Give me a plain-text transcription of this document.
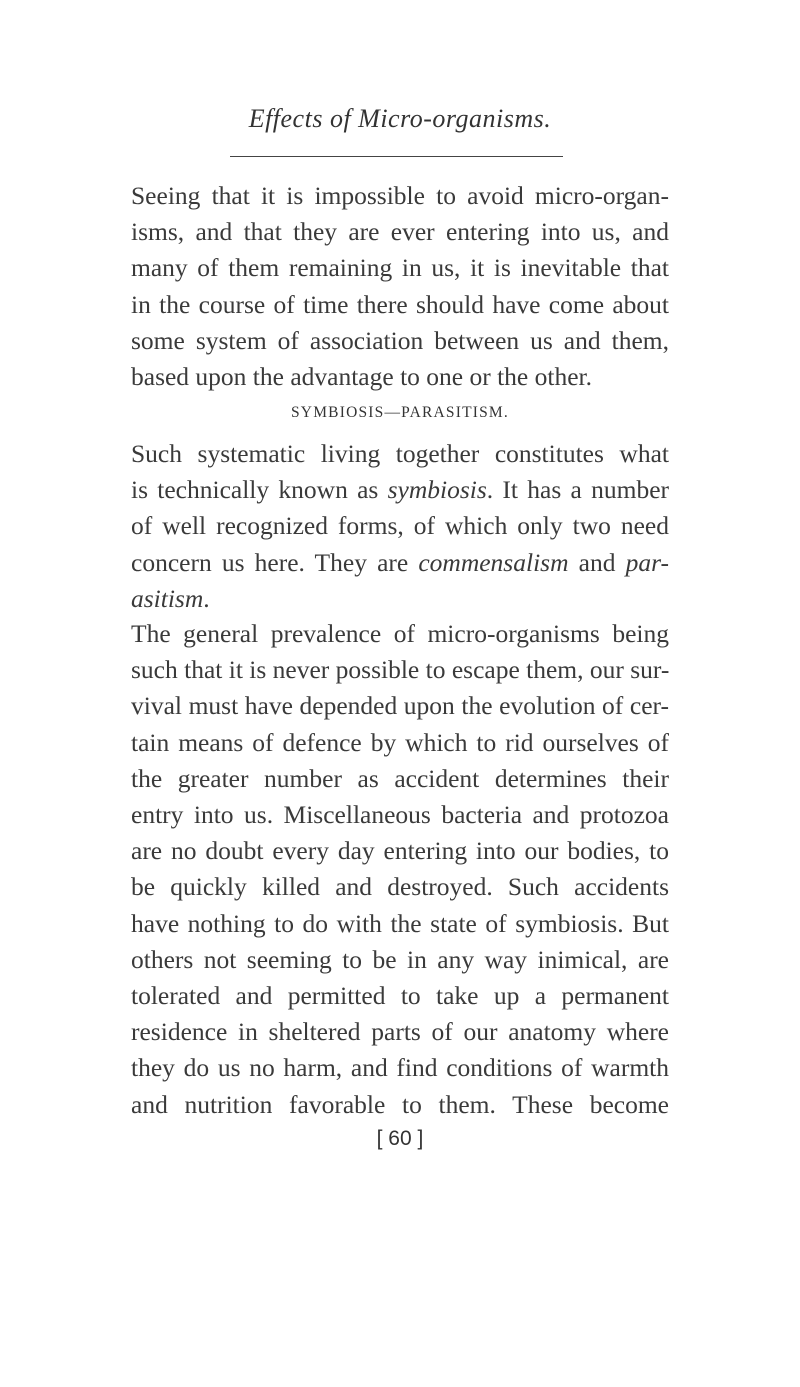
Effects of Micro-organisms.
Seeing that it is impossible to avoid micro-organ-
isms, and that they are ever entering into us, and
many of them remaining in us, it is inevitable that
in the course of time there should have come about
some system of association between us and them,
based upon the advantage to one or the other.
SYMBIOSIS—PARASITISM.
Such systematic living together constitutes what
is technically known as symbiosis. It has a number
of well recognized forms, of which only two need
concern us here. They are commensalism and par-
asitism.
The general prevalence of micro-organisms being
such that it is never possible to escape them, our sur-
vival must have depended upon the evolution of cer-
tain means of defence by which to rid ourselves of
the greater number as accident determines their
entry into us. Miscellaneous bacteria and protozoa
are no doubt every day entering into our bodies, to
be quickly killed and destroyed. Such accidents
have nothing to do with the state of symbiosis. But
others not seeming to be in any way inimical, are
tolerated and permitted to take up a permanent
residence in sheltered parts of our anatomy where
they do us no harm, and find conditions of warmth
and nutrition favorable to them. These become
[ 60 ]
